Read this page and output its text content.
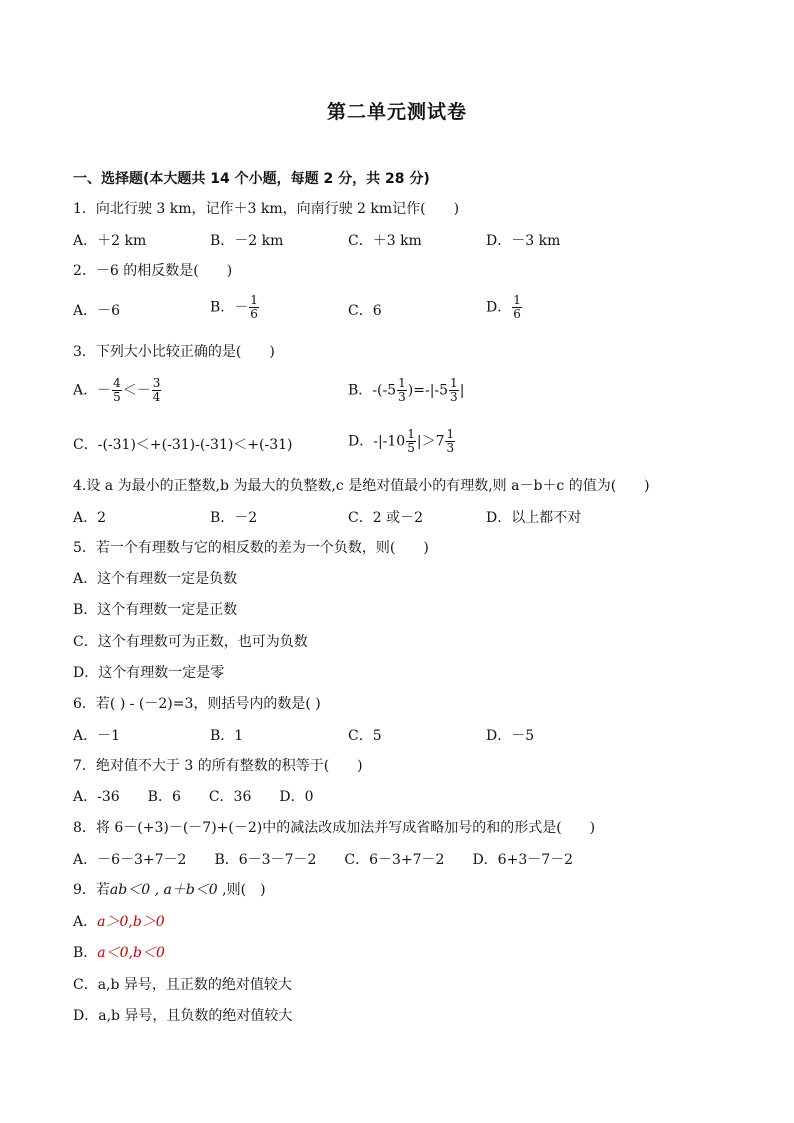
第二单元测试卷
一、选择题(本大题共 14 个小题，每题 2 分，共 28 分)
1．向北行驶 3 km，记作＋3 km，向南行驶 2 km记作(　　)
A．＋2 km	B．－2 km	C．＋3 km	D．－3 km
2．－6 的相反数是(　　)
A．－6	B．－ $\frac{1}{6}$	C．6	D． $\frac{1}{6}$
3．下列大小比较正确的是(　　)
A．－ $\frac{4}{5} <- \frac{3}{4}$	B．$-(-5 \frac{1}{3} )=-|-5 \frac{1}{3}$ |
C．-(-31)＜+(-31)-(-31)＜+(-31)	D．$-|-10 \frac{1}{5} |>7 \frac{1}{3}$
4.设 a 为最小的正整数,b 为最大的负整数,c 是绝对值最小的有理数,则 a－b＋c 的值为(　　)
A．2	B．－2	C．2 或－2	D．以上都不对
5．若一个有理数与它的相反数的差为一个负数，则(　　)
A．这个有理数一定是负数
B．这个有理数一定是正数
C．这个有理数可为正数，也可为负数
D．这个有理数一定是零
6．若( ) - (－2)=3，则括号内的数是( )
A．－1	B．1	C．5	D．－5
7．绝对值不大于 3 的所有整数的积等于(　　)
A．-36　　B．6　　C．36　　D．0
8．将 6－(+3)－(－7)+(－2)中的减法改成加法并写成省略加号的和的形式是(　　)
A．－6－3+7－2　　B．6－3－7－2　　C．6－3+7－2　　D．6+3－7－2
9．若ab＜0 , a＋b＜0 ,则(　)
A．a＞0,b＞0
B．a＜0,b＜0
C．a,b 异号，且正数的绝对值较大
D．a,b 异号，且负数的绝对值较大
